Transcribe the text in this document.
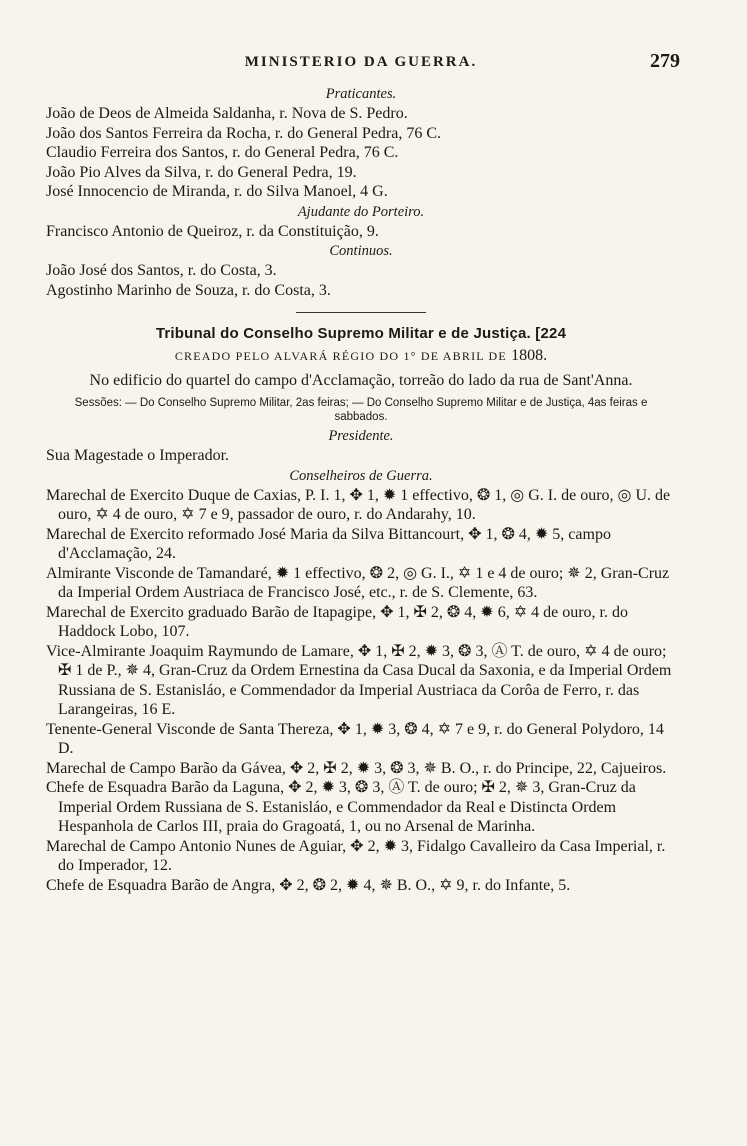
MINISTERIO DA GUERRA.	279
Praticantes.
João de Deos de Almeida Saldanha, r. Nova de S. Pedro.
João dos Santos Ferreira da Rocha, r. do General Pedra, 76 C.
Claudio Ferreira dos Santos, r. do General Pedra, 76 C.
João Pio Alves da Silva, r. do General Pedra, 19.
José Innocencio de Miranda, r. do Silva Manoel, 4 G.
Ajudante do Porteiro.
Francisco Antonio de Queiroz, r. da Constituição, 9.
Continuos.
João José dos Santos, r. do Costa, 3.
Agostinho Marinho de Souza, r. do Costa, 3.
Tribunal do Conselho Supremo Militar e de Justiça. [224
CREADO PELO ALVARÁ RÉGIO DO 1° DE ABRIL DE 1808.
No edificio do quartel do campo d'Acclamação, torreão do lado da rua de Sant'Anna.
Sessões: — Do Conselho Supremo Militar, 2as feiras; — Do Conselho Supremo Militar e de Justiça, 4as feiras e sabbados.
Presidente.
Sua Magestade o Imperador.
Conselheiros de Guerra.
Marechal de Exercito Duque de Caxias, P. I. 1, ✥ 1, ✹ 1 effectivo, ❂ 1, ◎ G. I. de ouro, ◎ U. de ouro, ✡ 4 de ouro, ✡ 7 e 9, passador de ouro, r. do Andarahy, 10.
Marechal de Exercito reformado José Maria da Silva Bittancourt, ✥ 1, ❂ 4, ✹ 5, campo d'Acclamação, 24.
Almirante Visconde de Tamandaré, ✹ 1 effectivo, ❂ 2, ◎ G. I., ✡ 1 e 4 de ouro; ✵ 2, Gran-Cruz da Imperial Ordem Austriaca de Francisco José, etc., r. de S. Clemente, 63.
Marechal de Exercito graduado Barão de Itapagipe, ✥ 1, ✠ 2, ❂ 4, ✹ 6, ✡ 4 de ouro, r. do Haddock Lobo, 107.
Vice-Almirante Joaquim Raymundo de Lamare, ✥ 1, ✠ 2, ✹ 3, ❂ 3, Ⓐ T. de ouro, ✡ 4 de ouro; ✠ 1 de P., ✵ 4, Gran-Cruz da Ordem Ernestina da Casa Ducal da Saxonia, e da Imperial Ordem Russiana de S. Estanisláo, e Commendador da Imperial Austriaca da Corôa de Ferro, r. das Larangeiras, 16 E.
Tenente-General Visconde de Santa Thereza, ✥ 1, ✹ 3, ❂ 4, ✡ 7 e 9, r. do General Polydoro, 14 D.
Marechal de Campo Barão da Gávea, ✥ 2, ✠ 2, ✹ 3, ❂ 3, ✵ B. O., r. do Principe, 22, Cajueiros.
Chefe de Esquadra Barão da Laguna, ✥ 2, ✹ 3, ❂ 3, Ⓐ T. de ouro; ✠ 2, ✵ 3, Gran-Cruz da Imperial Ordem Russiana de S. Estanisláo, e Commendador da Real e Distincta Ordem Hespanhola de Carlos III, praia do Gragoatá, 1, ou no Arsenal de Marinha.
Marechal de Campo Antonio Nunes de Aguiar, ✥ 2, ✹ 3, Fidalgo Cavalleiro da Casa Imperial, r. do Imperador, 12.
Chefe de Esquadra Barão de Angra, ✥ 2, ❂ 2, ✹ 4, ✵ B. O., ✡ 9, r. do Infante, 5.
